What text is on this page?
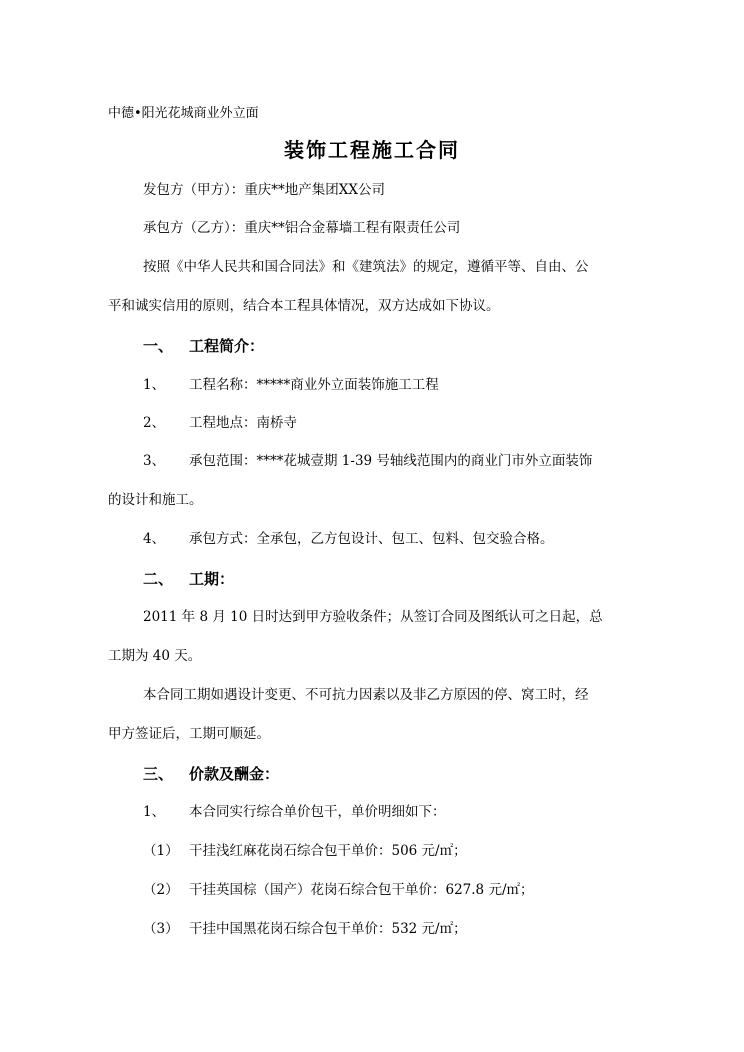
中德•阳光花城商业外立面
装饰工程施工合同
发包方（甲方）：重庆**地产集团XX公司
承包方（乙方）：重庆**铝合金幕墙工程有限责任公司
按照《中华人民共和国合同法》和《建筑法》的规定，遵循平等、自由、公
平和诚实信用的原则，结合本工程具体情况，双方达成如下协议。
一、 工程简介：
1、 工程名称：*****商业外立面装饰施工工程
2、 工程地点：南桥寺
3、 承包范围：****花城壹期 1-39 号轴线范围内的商业门市外立面装饰
的设计和施工。
4、 承包方式：全承包，乙方包设计、包工、包料、包交验合格。
二、 工期：
2011 年 8 月 10 日时达到甲方验收条件；从签订合同及图纸认可之日起，总
工期为 40 天。
本合同工期如遇设计变更、不可抗力因素以及非乙方原因的停、窝工时，经
甲方签证后，工期可顺延。
三、 价款及酬金：
1、 本合同实行综合单价包干，单价明细如下：
（1） 干挂浅红麻花岗石综合包干单价：506 元/㎡；
（2） 干挂英国棕（国产）花岗石综合包干单价：627.8 元/㎡；
（3） 干挂中国黑花岗石综合包干单价：532 元/㎡；
